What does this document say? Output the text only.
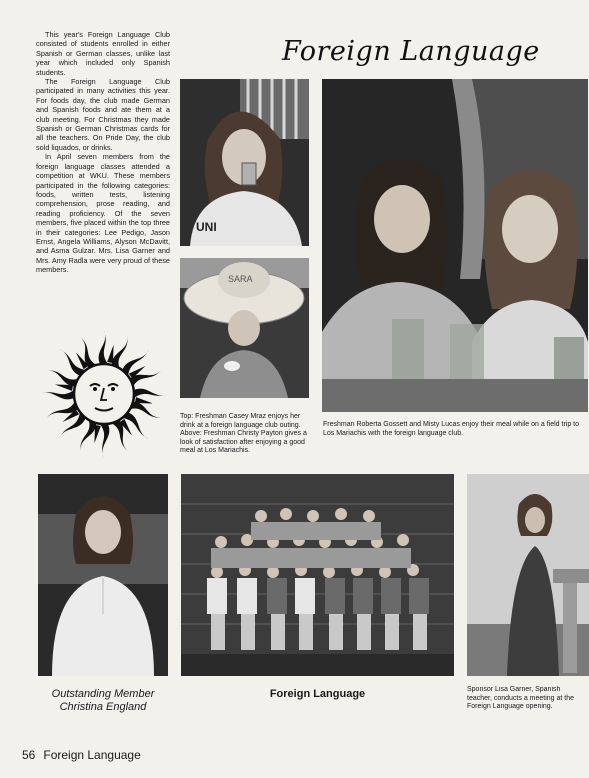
This year's Foreign Language Club consisted of students enrolled in either Spanish or German classes, unlike last year which included only Spanish students.

The Foreign Language Club participated in many activities this year. For foods day, the club made German and Spanish foods and ate them at a club meeting. For Christmas they made Spanish or German Christmas cards for all the teachers. On Pride Day, the club sold liquados, or drinks.

In April seven members from the foreign language classes attended a competition at WKU. These members participated in the following categories: foods, written tests, listening comprehension, prose reading, and reading proficiency. Of the seven members, five placed within the top three in their categories: Lee Pedigo, Jason Ernst, Angela Williams, Alyson McDavitt, and Asma Gulzar. Mrs. Lisa Garner and Mrs. Amy Radla were very proud of these members.

Foreign Language
UNI
SARA
Top: Freshman Casey Mraz enjoys her drink at a foreign language club outing. Above: Freshman Christy Payton gives a look of satisfaction after enjoying a good meal at Los Mariachis.
Freshman Roberta Gossett and Misty Lucas enjoy their meal while on a field trip to Los Mariachis with the foreign language club.
Outstanding Member
Christina England
Foreign Language	Sponsor Lisa Garner, Spanish teacher, conducts a meeting at the Foreign Language opening.
56 Foreign Language
